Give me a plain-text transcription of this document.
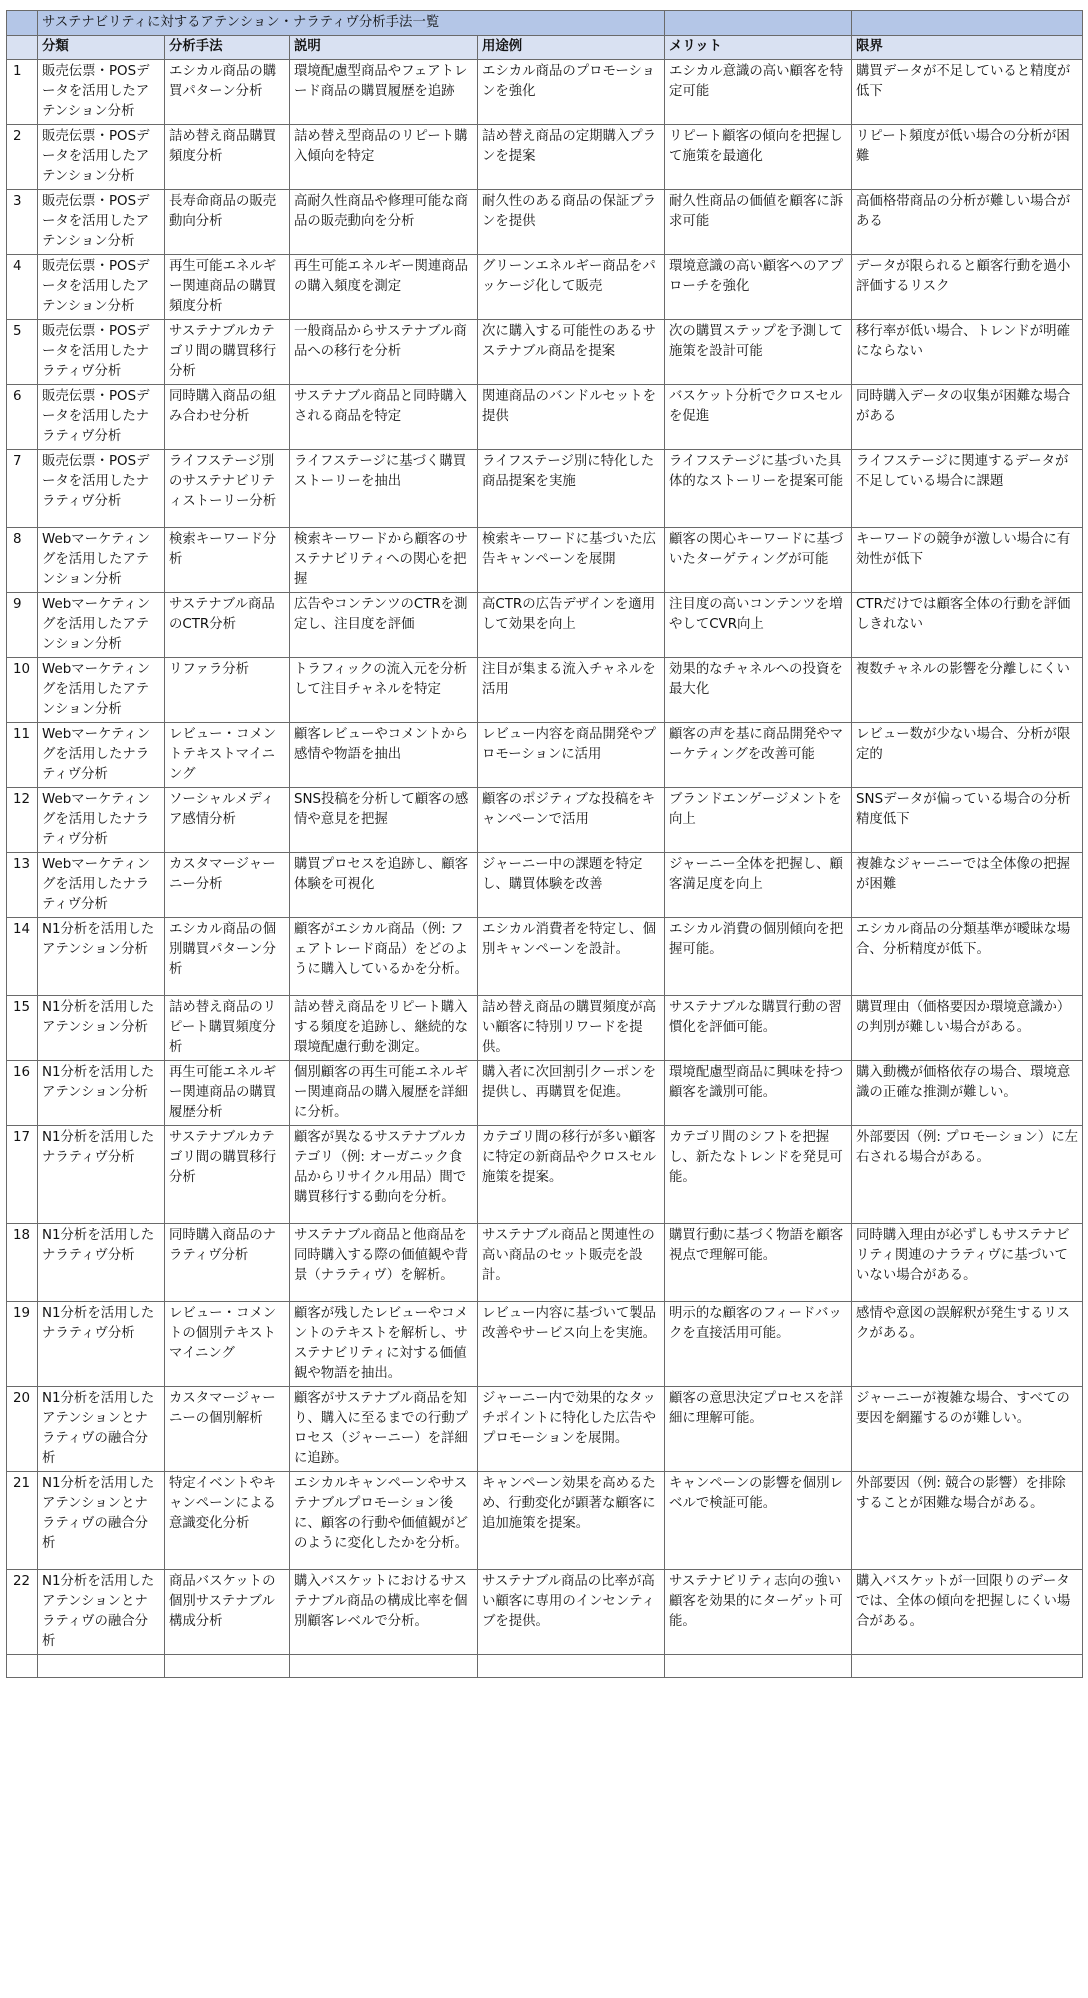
	サステナビリティに対するアテンション・ナラティヴ分析手法一覧					
	分類	分析手法	説明	用途例	メリット	限界
1	販売伝票・POSデータを活用したアテンション分析	エシカル商品の購買パターン分析	環境配慮型商品やフェアトレード商品の購買履歴を追跡	エシカル商品のプロモーションを強化	エシカル意識の高い顧客を特定可能	購買データが不足していると精度が低下
2	販売伝票・POSデータを活用したアテンション分析	詰め替え商品購買頻度分析	詰め替え型商品のリピート購入傾向を特定	詰め替え商品の定期購入プランを提案	リピート顧客の傾向を把握して施策を最適化	リピート頻度が低い場合の分析が困難
3	販売伝票・POSデータを活用したアテンション分析	長寿命商品の販売動向分析	高耐久性商品や修理可能な商品の販売動向を分析	耐久性のある商品の保証プランを提供	耐久性商品の価値を顧客に訴求可能	高価格帯商品の分析が難しい場合がある
4	販売伝票・POSデータを活用したアテンション分析	再生可能エネルギー関連商品の購買頻度分析	再生可能エネルギー関連商品の購入頻度を測定	グリーンエネルギー商品をパッケージ化して販売	環境意識の高い顧客へのアプローチを強化	データが限られると顧客行動を過小評価するリスク
5	販売伝票・POSデータを活用したナラティヴ分析	サステナブルカテゴリ間の購買移行分析	一般商品からサステナブル商品への移行を分析	次に購入する可能性のあるサステナブル商品を提案	次の購買ステップを予測して施策を設計可能	移行率が低い場合、トレンドが明確にならない
6	販売伝票・POSデータを活用したナラティヴ分析	同時購入商品の組み合わせ分析	サステナブル商品と同時購入される商品を特定	関連商品のバンドルセットを提供	バスケット分析でクロスセルを促進	同時購入データの収集が困難な場合がある
7	販売伝票・POSデータを活用したナラティヴ分析	ライフステージ別のサステナビリティストーリー分析	ライフステージに基づく購買ストーリーを抽出	ライフステージ別に特化した商品提案を実施	ライフステージに基づいた具体的なストーリーを提案可能	ライフステージに関連するデータが不足している場合に課題
8	Webマーケティングを活用したアテンション分析	検索キーワード分析	検索キーワードから顧客のサステナビリティへの関心を把握	検索キーワードに基づいた広告キャンペーンを展開	顧客の関心キーワードに基づいたターゲティングが可能	キーワードの競争が激しい場合に有効性が低下
9	Webマーケティングを活用したアテンション分析	サステナブル商品のCTR分析	広告やコンテンツのCTRを測定し、注目度を評価	高CTRの広告デザインを適用して効果を向上	注目度の高いコンテンツを増やしてCVR向上	CTRだけでは顧客全体の行動を評価しきれない
10	Webマーケティングを活用したアテンション分析	リファラ分析	トラフィックの流入元を分析して注目チャネルを特定	注目が集まる流入チャネルを活用	効果的なチャネルへの投資を最大化	複数チャネルの影響を分離しにくい
11	Webマーケティングを活用したナラティヴ分析	レビュー・コメントテキストマイニング	顧客レビューやコメントから感情や物語を抽出	レビュー内容を商品開発やプロモーションに活用	顧客の声を基に商品開発やマーケティングを改善可能	レビュー数が少ない場合、分析が限定的
12	Webマーケティングを活用したナラティヴ分析	ソーシャルメディア感情分析	SNS投稿を分析して顧客の感情や意見を把握	顧客のポジティブな投稿をキャンペーンで活用	ブランドエンゲージメントを向上	SNSデータが偏っている場合の分析精度低下
13	Webマーケティングを活用したナラティヴ分析	カスタマージャーニー分析	購買プロセスを追跡し、顧客体験を可視化	ジャーニー中の課題を特定し、購買体験を改善	ジャーニー全体を把握し、顧客満足度を向上	複雑なジャーニーでは全体像の把握が困難
14	N1分析を活用したアテンション分析	エシカル商品の個別購買パターン分析	顧客がエシカル商品（例: フェアトレード商品）をどのように購入しているかを分析。	エシカル消費者を特定し、個別キャンペーンを設計。	エシカル消費の個別傾向を把握可能。	エシカル商品の分類基準が曖昧な場合、分析精度が低下。
15	N1分析を活用したアテンション分析	詰め替え商品のリピート購買頻度分析	詰め替え商品をリピート購入する頻度を追跡し、継続的な環境配慮行動を測定。	詰め替え商品の購買頻度が高い顧客に特別リワードを提供。	サステナブルな購買行動の習慣化を評価可能。	購買理由（価格要因か環境意識か）の判別が難しい場合がある。
16	N1分析を活用したアテンション分析	再生可能エネルギー関連商品の購買履歴分析	個別顧客の再生可能エネルギー関連商品の購入履歴を詳細に分析。	購入者に次回割引クーポンを提供し、再購買を促進。	環境配慮型商品に興味を持つ顧客を識別可能。	購入動機が価格依存の場合、環境意識の正確な推測が難しい。
17	N1分析を活用したナラティヴ分析	サステナブルカテゴリ間の購買移行分析	顧客が異なるサステナブルカテゴリ（例: オーガニック食品からリサイクル用品）間で購買移行する動向を分析。	カテゴリ間の移行が多い顧客に特定の新商品やクロスセル施策を提案。	カテゴリ間のシフトを把握し、新たなトレンドを発見可能。	外部要因（例: プロモーション）に左右される場合がある。
18	N1分析を活用したナラティヴ分析	同時購入商品のナラティヴ分析	サステナブル商品と他商品を同時購入する際の価値観や背景（ナラティヴ）を解析。	サステナブル商品と関連性の高い商品のセット販売を設計。	購買行動に基づく物語を顧客視点で理解可能。	同時購入理由が必ずしもサステナビリティ関連のナラティヴに基づいていない場合がある。
19	N1分析を活用したナラティヴ分析	レビュー・コメントの個別テキストマイニング	顧客が残したレビューやコメントのテキストを解析し、サステナビリティに対する価値観や物語を抽出。	レビュー内容に基づいて製品改善やサービス向上を実施。	明示的な顧客のフィードバックを直接活用可能。	感情や意図の誤解釈が発生するリスクがある。
20	N1分析を活用したアテンションとナラティヴの融合分析	カスタマージャーニーの個別解析	顧客がサステナブル商品を知り、購入に至るまでの行動プロセス（ジャーニー）を詳細に追跡。	ジャーニー内で効果的なタッチポイントに特化した広告やプロモーションを展開。	顧客の意思決定プロセスを詳細に理解可能。	ジャーニーが複雑な場合、すべての要因を網羅するのが難しい。
21	N1分析を活用したアテンションとナラティヴの融合分析	特定イベントやキャンペーンによる意識変化分析	エシカルキャンペーンやサステナブルプロモーション後に、顧客の行動や価値観がどのように変化したかを分析。	キャンペーン効果を高めるため、行動変化が顕著な顧客に追加施策を提案。	キャンペーンの影響を個別レベルで検証可能。	外部要因（例: 競合の影響）を排除することが困難な場合がある。
22	N1分析を活用したアテンションとナラティヴの融合分析	商品バスケットの個別サステナブル構成分析	購入バスケットにおけるサステナブル商品の構成比率を個別顧客レベルで分析。	サステナブル商品の比率が高い顧客に専用のインセンティブを提供。	サステナビリティ志向の強い顧客を効果的にターゲット可能。	購入バスケットが一回限りのデータでは、全体の傾向を把握しにくい場合がある。
